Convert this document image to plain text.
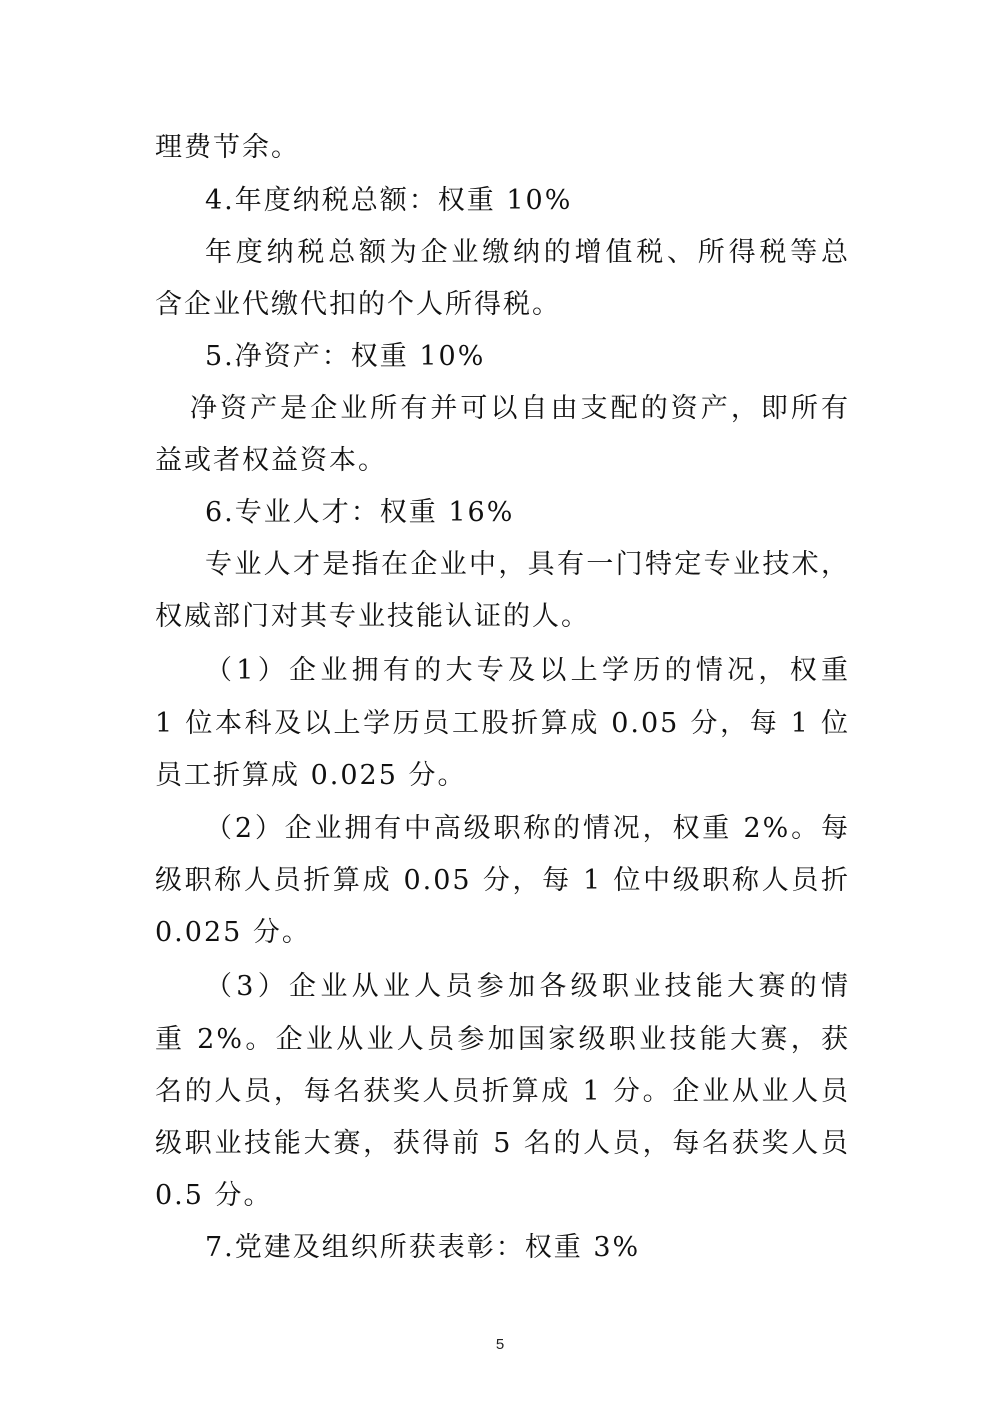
理费节余。
4.年度纳税总额：权重 10%
年度纳税总额为企业缴纳的增值税、所得税等总
含企业代缴代扣的个人所得税。
5.净资产：权重 10%
净资产是企业所有并可以自由支配的资产，即所有
益或者权益资本。
6.专业人才：权重 16%
专业人才是指在企业中，具有一门特定专业技术，
权威部门对其专业技能认证的人。
（1）企业拥有的大专及以上学历的情况，权重
1 位本科及以上学历员工股折算成 0.05 分，每 1 位
员工折算成 0.025 分。
（2）企业拥有中高级职称的情况，权重 2%。每
级职称人员折算成 0.05 分，每 1 位中级职称人员折
0.025 分。
（3）企业从业人员参加各级职业技能大赛的情
重 2%。企业从业人员参加国家级职业技能大赛，获
名的人员，每名获奖人员折算成 1 分。企业从业人员
级职业技能大赛，获得前 5 名的人员，每名获奖人员
0.5 分。
7.党建及组织所获表彰：权重 3%
5
